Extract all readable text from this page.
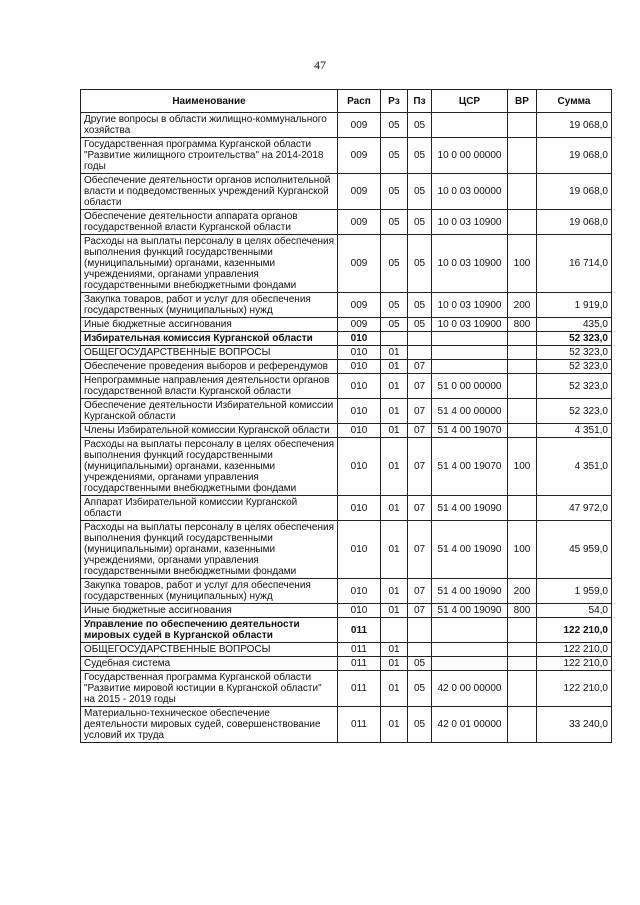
47
Наименование	Расп	Рз	Пз	ЦСР	ВР	Сумма
Другие вопросы в области жилищно-коммунального хозяйства	009	05	05			19 068,0
Государственная программа Курганской области "Развитие жилищного строительства" на 2014-2018 годы	009	05	05	10 0 00 00000		19 068,0
Обеспечение деятельности органов исполнительной власти и подведомственных учреждений Курганской области	009	05	05	10 0 03 00000		19 068,0
Обеспечение деятельности аппарата органов государственной власти Курганской области	009	05	05	10 0 03 10900		19 068,0
Расходы на выплаты персоналу в целях обеспечения выполнения функций государственными (муниципальными) органами, казенными учреждениями, органами управления государственными внебюджетными фондами	009	05	05	10 0 03 10900	100	16 714,0
Закупка товаров, работ и услуг для обеспечения государственных (муниципальных) нужд	009	05	05	10 0 03 10900	200	1 919,0
Иные бюджетные ассигнования	009	05	05	10 0 03 10900	800	435,0
Избирательная комиссия Курганской области	010					52 323,0
ОБЩЕГОСУДАРСТВЕННЫЕ ВОПРОСЫ	010	01				52 323,0
Обеспечение проведения выборов и референдумов	010	01	07			52 323,0
Непрограммные направления деятельности органов государственной власти Курганской области	010	01	07	51 0 00 00000		52 323,0
Обеспечение деятельности Избирательной комиссии Курганской области	010	01	07	51 4 00 00000		52 323,0
Члены Избирательной комиссии Курганской области	010	01	07	51 4 00 19070		4 351,0
Расходы на выплаты персоналу в целях обеспечения выполнения функций государственными (муниципальными) органами, казенными учреждениями, органами управления государственными внебюджетными фондами	010	01	07	51 4 00 19070	100	4 351,0
Аппарат Избирательной комиссии Курганской области	010	01	07	51 4 00 19090		47 972,0
Расходы на выплаты персоналу в целях обеспечения выполнения функций государственными (муниципальными) органами, казенными учреждениями, органами управления государственными внебюджетными фондами	010	01	07	51 4 00 19090	100	45 959,0
Закупка товаров, работ и услуг для обеспечения государственных (муниципальных) нужд	010	01	07	51 4 00 19090	200	1 959,0
Иные бюджетные ассигнования	010	01	07	51 4 00 19090	800	54,0
Управление по обеспечению деятельности мировых судей в Курганской области	011					122 210,0
ОБЩЕГОСУДАРСТВЕННЫЕ ВОПРОСЫ	011	01				122 210,0
Судебная система	011	01	05			122 210,0
Государственная программа Курганской области "Развитие мировой юстиции в Курганской области" на 2015 - 2019 годы	011	01	05	42 0 00 00000		122 210,0
Материально-техническое обеспечение деятельности мировых судей, совершенствование условий их труда	011	01	05	42 0 01 00000		33 240,0
